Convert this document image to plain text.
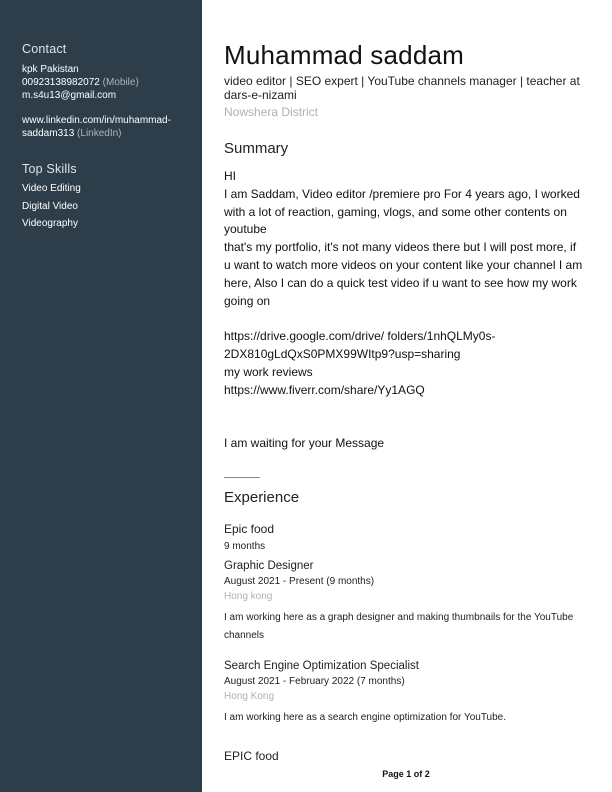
Contact
kpk Pakistan
00923138982072 (Mobile)
m.s4u13@gmail.com
www.linkedin.com/in/muhammad-
saddam313 (LinkedIn)
Top Skills
Video Editing
Digital Video
Videography
Muhammad saddam
video editor | SEO expert | YouTube channels manager | teacher at dars-e-nizami
Nowshera District
Summary

HI

I am Saddam, Video editor /premiere pro For 4 years ago, I worked with a lot of reaction, gaming, vlogs, and some other contents on youtube

that's my portfolio, it's not many videos there but I will post more, if u want to watch more videos on your content like your channel I am here, Also I can do a quick test video if u want to see how my work going on

https://drive.google.com/drive/ folders/1nhQLMy0s-2DX810gLdQxS0PMX99WItp9?usp=sharing

my work reviews

https://www.fiverr.com/share/Yy1AGQ

I am waiting for your Message

Experience
Epic food
9 months
Graphic Designer
August 2021 - Present (9 months)
Hong kong
I am working here as a graph designer and making thumbnails for the YouTube channels
Search Engine Optimization Specialist
August 2021 - February 2022 (7 months)
Hong Kong
I am working here as a search engine optimization for YouTube.
EPIC food
Page 1 of 2
